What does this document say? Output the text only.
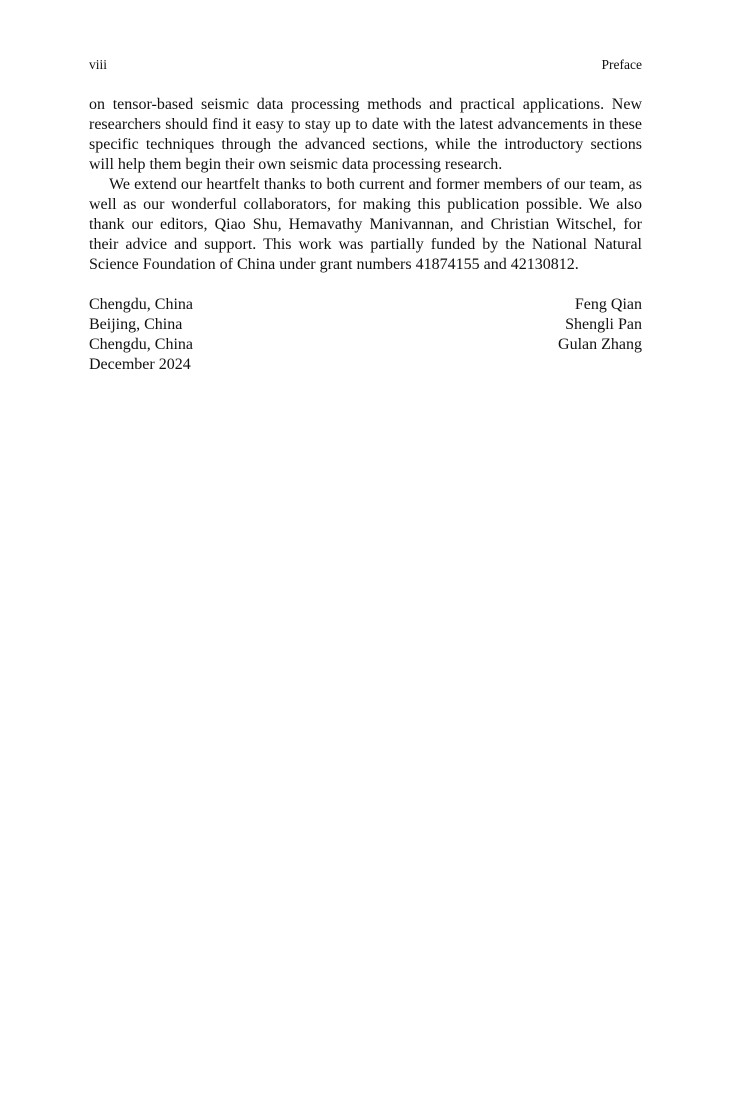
viii	Preface

on tensor-based seismic data processing methods and practical applications. New researchers should find it easy to stay up to date with the latest advancements in these specific techniques through the advanced sections, while the introductory sections will help them begin their own seismic data processing research.

We extend our heartfelt thanks to both current and former members of our team, as well as our wonderful collaborators, for making this publication possible. We also thank our editors, Qiao Shu, Hemavathy Manivannan, and Christian Witschel, for their advice and support. This work was partially funded by the National Natural Science Foundation of China under grant numbers 41874155 and 42130812.

Chengdu, China	Feng Qian
Beijing, China	Shengli Pan
Chengdu, China	Gulan Zhang
December 2024
